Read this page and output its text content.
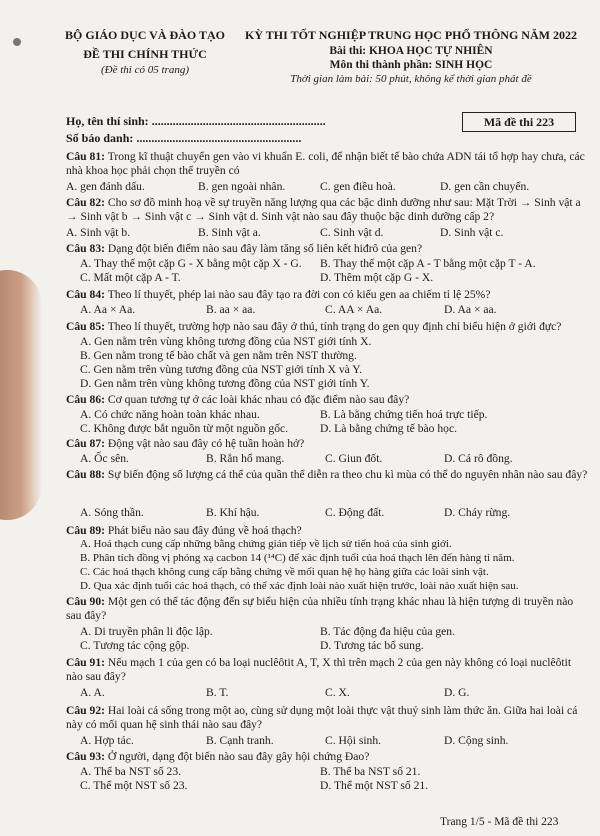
BỘ GIÁO DỤC VÀ ĐÀO TẠO
ĐỀ THI CHÍNH THỨC
(Đề thi có 05 trang)
KỲ THI TỐT NGHIỆP TRUNG HỌC PHỔ THÔNG NĂM 2022
Bài thi: KHOA HỌC TỰ NHIÊN
Môn thi thành phần: SINH HỌC
Thời gian làm bài: 50 phút, không kể thời gian phát đề
Họ, tên thí sinh: ..........................................................
Số báo danh: .......................................................
Mã đề thi 223
Câu 81: Trong kĩ thuật chuyển gen vào vi khuẩn E. coli, để nhận biết tế bào chứa ADN tái tổ hợp hay chưa, các nhà khoa học phải chọn thể truyền có
A. gen đánh dấu.	B. gen ngoài nhân.	C. gen điều hoà.	D. gen cần chuyển.
Câu 82: Cho sơ đồ minh hoạ về sự truyền năng lượng qua các bậc dinh dưỡng như sau: Mặt Trời → Sinh vật a → Sinh vật b → Sinh vật c → Sinh vật d. Sinh vật nào sau đây thuộc bậc dinh dưỡng cấp 2?
A. Sinh vật b.	B. Sinh vật a.	C. Sinh vật d.	D. Sinh vật c.
Câu 83: Dạng đột biến điểm nào sau đây làm tăng số liên kết hiđrô của gen?
A. Thay thế một cặp G - X bằng một cặp X - G. B. Thay thế một cặp A - T bằng một cặp T - A.
C. Mất một cặp A - T.	D. Thêm một cặp G - X.
Câu 84: Theo lí thuyết, phép lai nào sau đây tạo ra đời con có kiểu gen aa chiếm tỉ lệ 25%?
A. Aa × Aa.	B. aa × aa.	C. AA × Aa.	D. Aa × aa.
Câu 85: Theo lí thuyết, trường hợp nào sau đây ở thú, tính trạng do gen quy định chỉ biểu hiện ở giới đực?
A. Gen nằm trên vùng không tương đồng của NST giới tính X.
B. Gen nằm trong tế bào chất và gen nằm trên NST thường.
C. Gen nằm trên vùng tương đồng của NST giới tính X và Y.
D. Gen nằm trên vùng không tương đồng của NST giới tính Y.
Câu 86: Cơ quan tương tự ở các loài khác nhau có đặc điểm nào sau đây?
A. Có chức năng hoàn toàn khác nhau.	B. Là bằng chứng tiến hoá trực tiếp.
C. Không được bắt nguồn từ một nguồn gốc.	D. Là bằng chứng tế bào học.
Câu 87: Động vật nào sau đây có hệ tuần hoàn hở?
A. Ốc sên.	B. Rắn hổ mang.	C. Giun đốt.	D. Cá rô đồng.
Câu 88: Sự biến động số lượng cá thể của quần thể diễn ra theo chu kì mùa có thể do nguyên nhân nào sau đây?
A. Sóng thần.	B. Khí hậu.	C. Động đất.	D. Cháy rừng.
Câu 89: Phát biểu nào sau đây đúng về hoá thạch?
A. Hoá thạch cung cấp những bằng chứng gián tiếp về lịch sử tiến hoá của sinh giới.
B. Phân tích đồng vị phóng xạ cacbon 14 (¹⁴C) để xác định tuổi của hoá thạch lên đến hàng tỉ năm.
C. Các hoá thạch không cung cấp bằng chứng về mối quan hệ họ hàng giữa các loài sinh vật.
D. Qua xác định tuổi các hoá thạch, có thể xác định loài nào xuất hiện trước, loài nào xuất hiện sau.
Câu 90: Một gen có thể tác động đến sự biểu hiện của nhiều tính trạng khác nhau là hiện tượng di truyền nào sau đây?
A. Di truyền phân li độc lập.	B. Tác động đa hiệu của gen.
C. Tương tác cộng gộp.	D. Tương tác bổ sung.
Câu 91: Nếu mạch 1 của gen có ba loại nuclêôtit A, T, X thì trên mạch 2 của gen này không có loại nuclêôtit nào sau đây?
A. A.	B. T.	C. X.	D. G.
Câu 92: Hai loài cá sống trong một ao, cùng sử dụng một loài thực vật thuỷ sinh làm thức ăn. Giữa hai loài cá này có mối quan hệ sinh thái nào sau đây?
A. Hợp tác.	B. Cạnh tranh.	C. Hội sinh.	D. Cộng sinh.
Câu 93: Ở người, dạng đột biến nào sau đây gây hội chứng Đao?
A. Thể ba NST số 23.	B. Thể ba NST số 21.
C. Thể một NST số 23.	D. Thể một NST số 21.
Trang 1/5 - Mã đề thi 223
